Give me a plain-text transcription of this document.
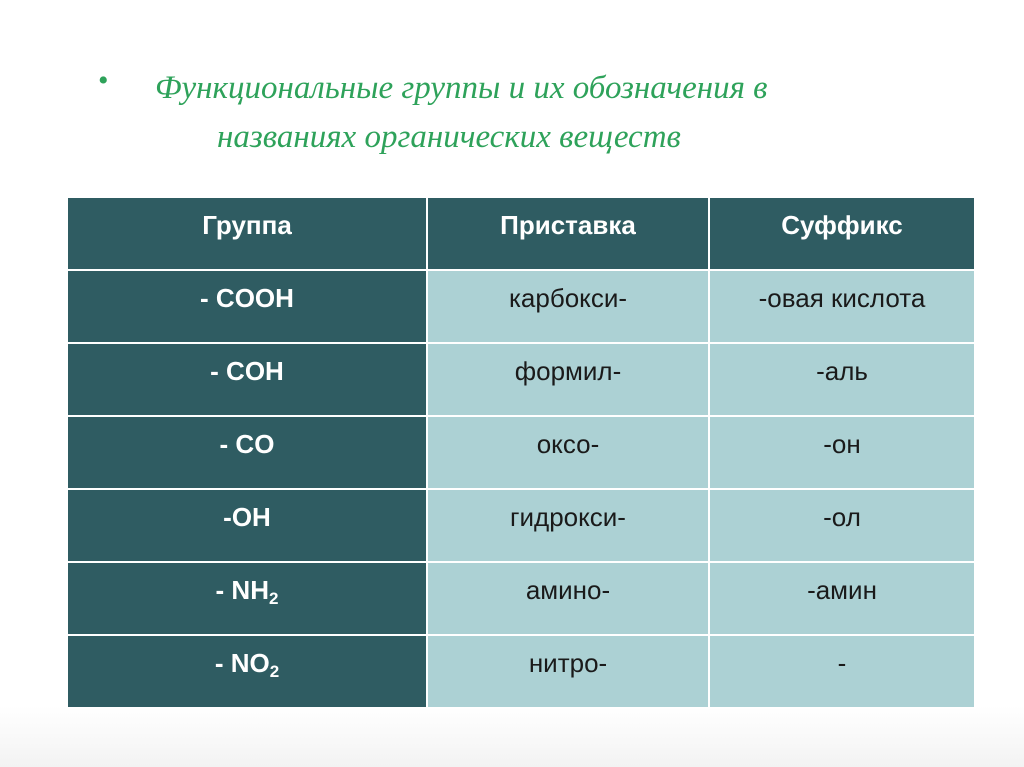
• Функциональные группы и их обозначения в
названиях органических веществ
Группа	Приставка	Суффикс
- COOH	карбокси-	-овая кислота
- COH	формил-	-аль
- CO	оксо-	-он
-OH	гидрокси-	-ол
- $NH_2$	амино-	-амин
- $NO_2$	нитро-	-
